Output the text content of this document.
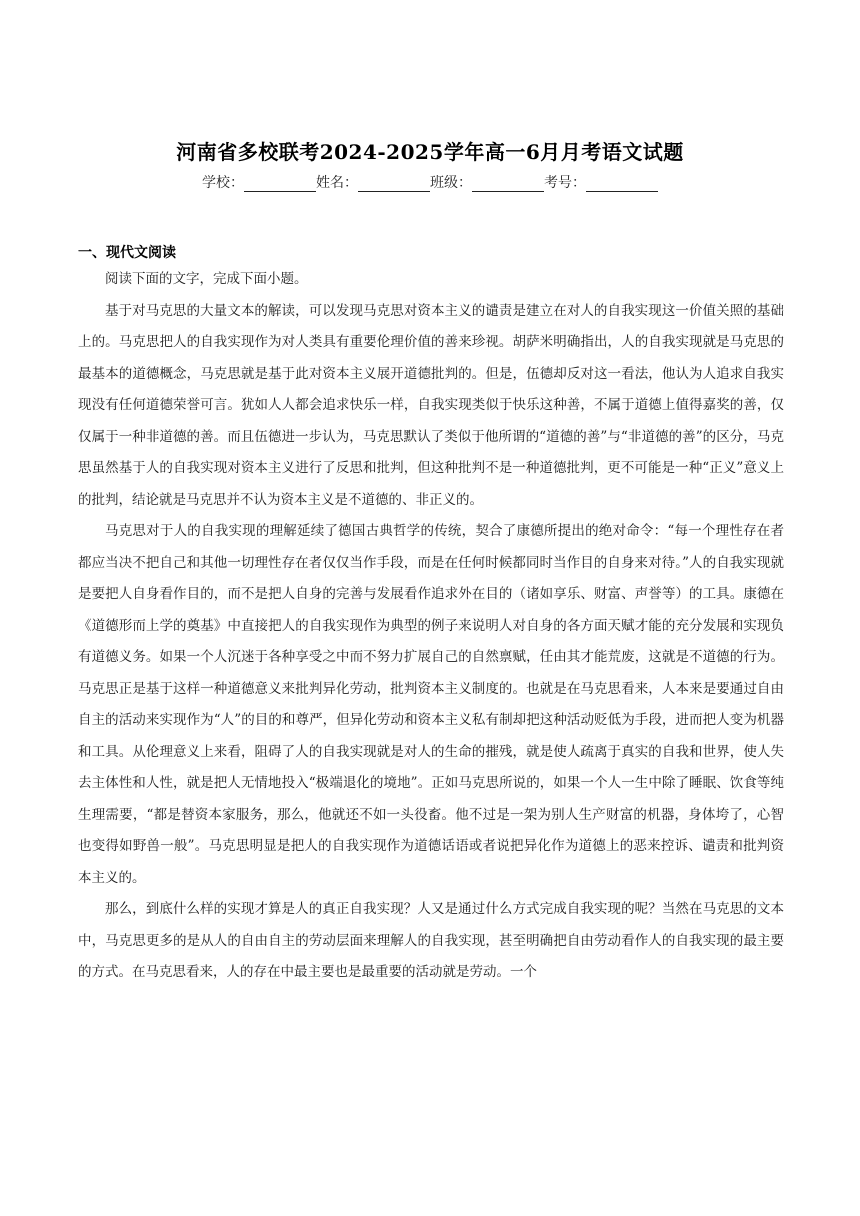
河南省多校联考2024-2025学年高一6月月考语文试题
学校：	姓名：	班级：	考号：
一、现代文阅读

阅读下面的文字，完成下面小题。

基于对马克思的大量文本的解读，可以发现马克思对资本主义的谴责是建立在对人的自我实现这一价值关照的基础上的。马克思把人的自我实现作为对人类具有重要伦理价值的善来珍视。胡萨米明确指出，人的自我实现就是马克思的最基本的道德概念，马克思就是基于此对资本主义展开道德批判的。但是，伍德却反对这一看法，他认为人追求自我实现没有任何道德荣誉可言。犹如人人都会追求快乐一样，自我实现类似于快乐这种善，不属于道德上值得嘉奖的善，仅仅属于一种非道德的善。而且伍德进一步认为，马克思默认了类似于他所谓的“道德的善”与“非道德的善”的区分，马克思虽然基于人的自我实现对资本主义进行了反思和批判，但这种批判不是一种道德批判，更不可能是一种“正义”意义上的批判，结论就是马克思并不认为资本主义是不道德的、非正义的。

马克思对于人的自我实现的理解延续了德国古典哲学的传统，契合了康德所提出的绝对命令：“每一个理性存在者都应当决不把自己和其他一切理性存在者仅仅当作手段，而是在任何时候都同时当作目的自身来对待。”人的自我实现就是要把人自身看作目的，而不是把人自身的完善与发展看作追求外在目的（诸如享乐、财富、声誉等）的工具。康德在《道德形而上学的奠基》中直接把人的自我实现作为典型的例子来说明人对自身的各方面天赋才能的充分发展和实现负有道德义务。如果一个人沉迷于各种享受之中而不努力扩展自己的自然禀赋，任由其才能荒废，这就是不道德的行为。马克思正是基于这样一种道德意义来批判异化劳动，批判资本主义制度的。也就是在马克思看来，人本来是要通过自由自主的活动来实现作为“人”的目的和尊严，但异化劳动和资本主义私有制却把这种活动贬低为手段，进而把人变为机器和工具。从伦理意义上来看，阻碍了人的自我实现就是对人的生命的摧残，就是使人疏离于真实的自我和世界，使人失去主体性和人性，就是把人无情地投入“极端退化的境地”。正如马克思所说的，如果一个人一生中除了睡眠、饮食等纯生理需要，“都是替资本家服务，那么，他就还不如一头役畜。他不过是一架为别人生产财富的机器，身体垮了，心智也变得如野兽一般”。马克思明显是把人的自我实现作为道德话语或者说把异化作为道德上的恶来控诉、谴责和批判资本主义的。

那么，到底什么样的实现才算是人的真正自我实现？人又是通过什么方式完成自我实现的呢？当然在马克思的文本中，马克思更多的是从人的自由自主的劳动层面来理解人的自我实现，甚至明确把自由劳动看作人的自我实现的最主要的方式。在马克思看来，人的存在中最主要也是最重要的活动就是劳动。一个
